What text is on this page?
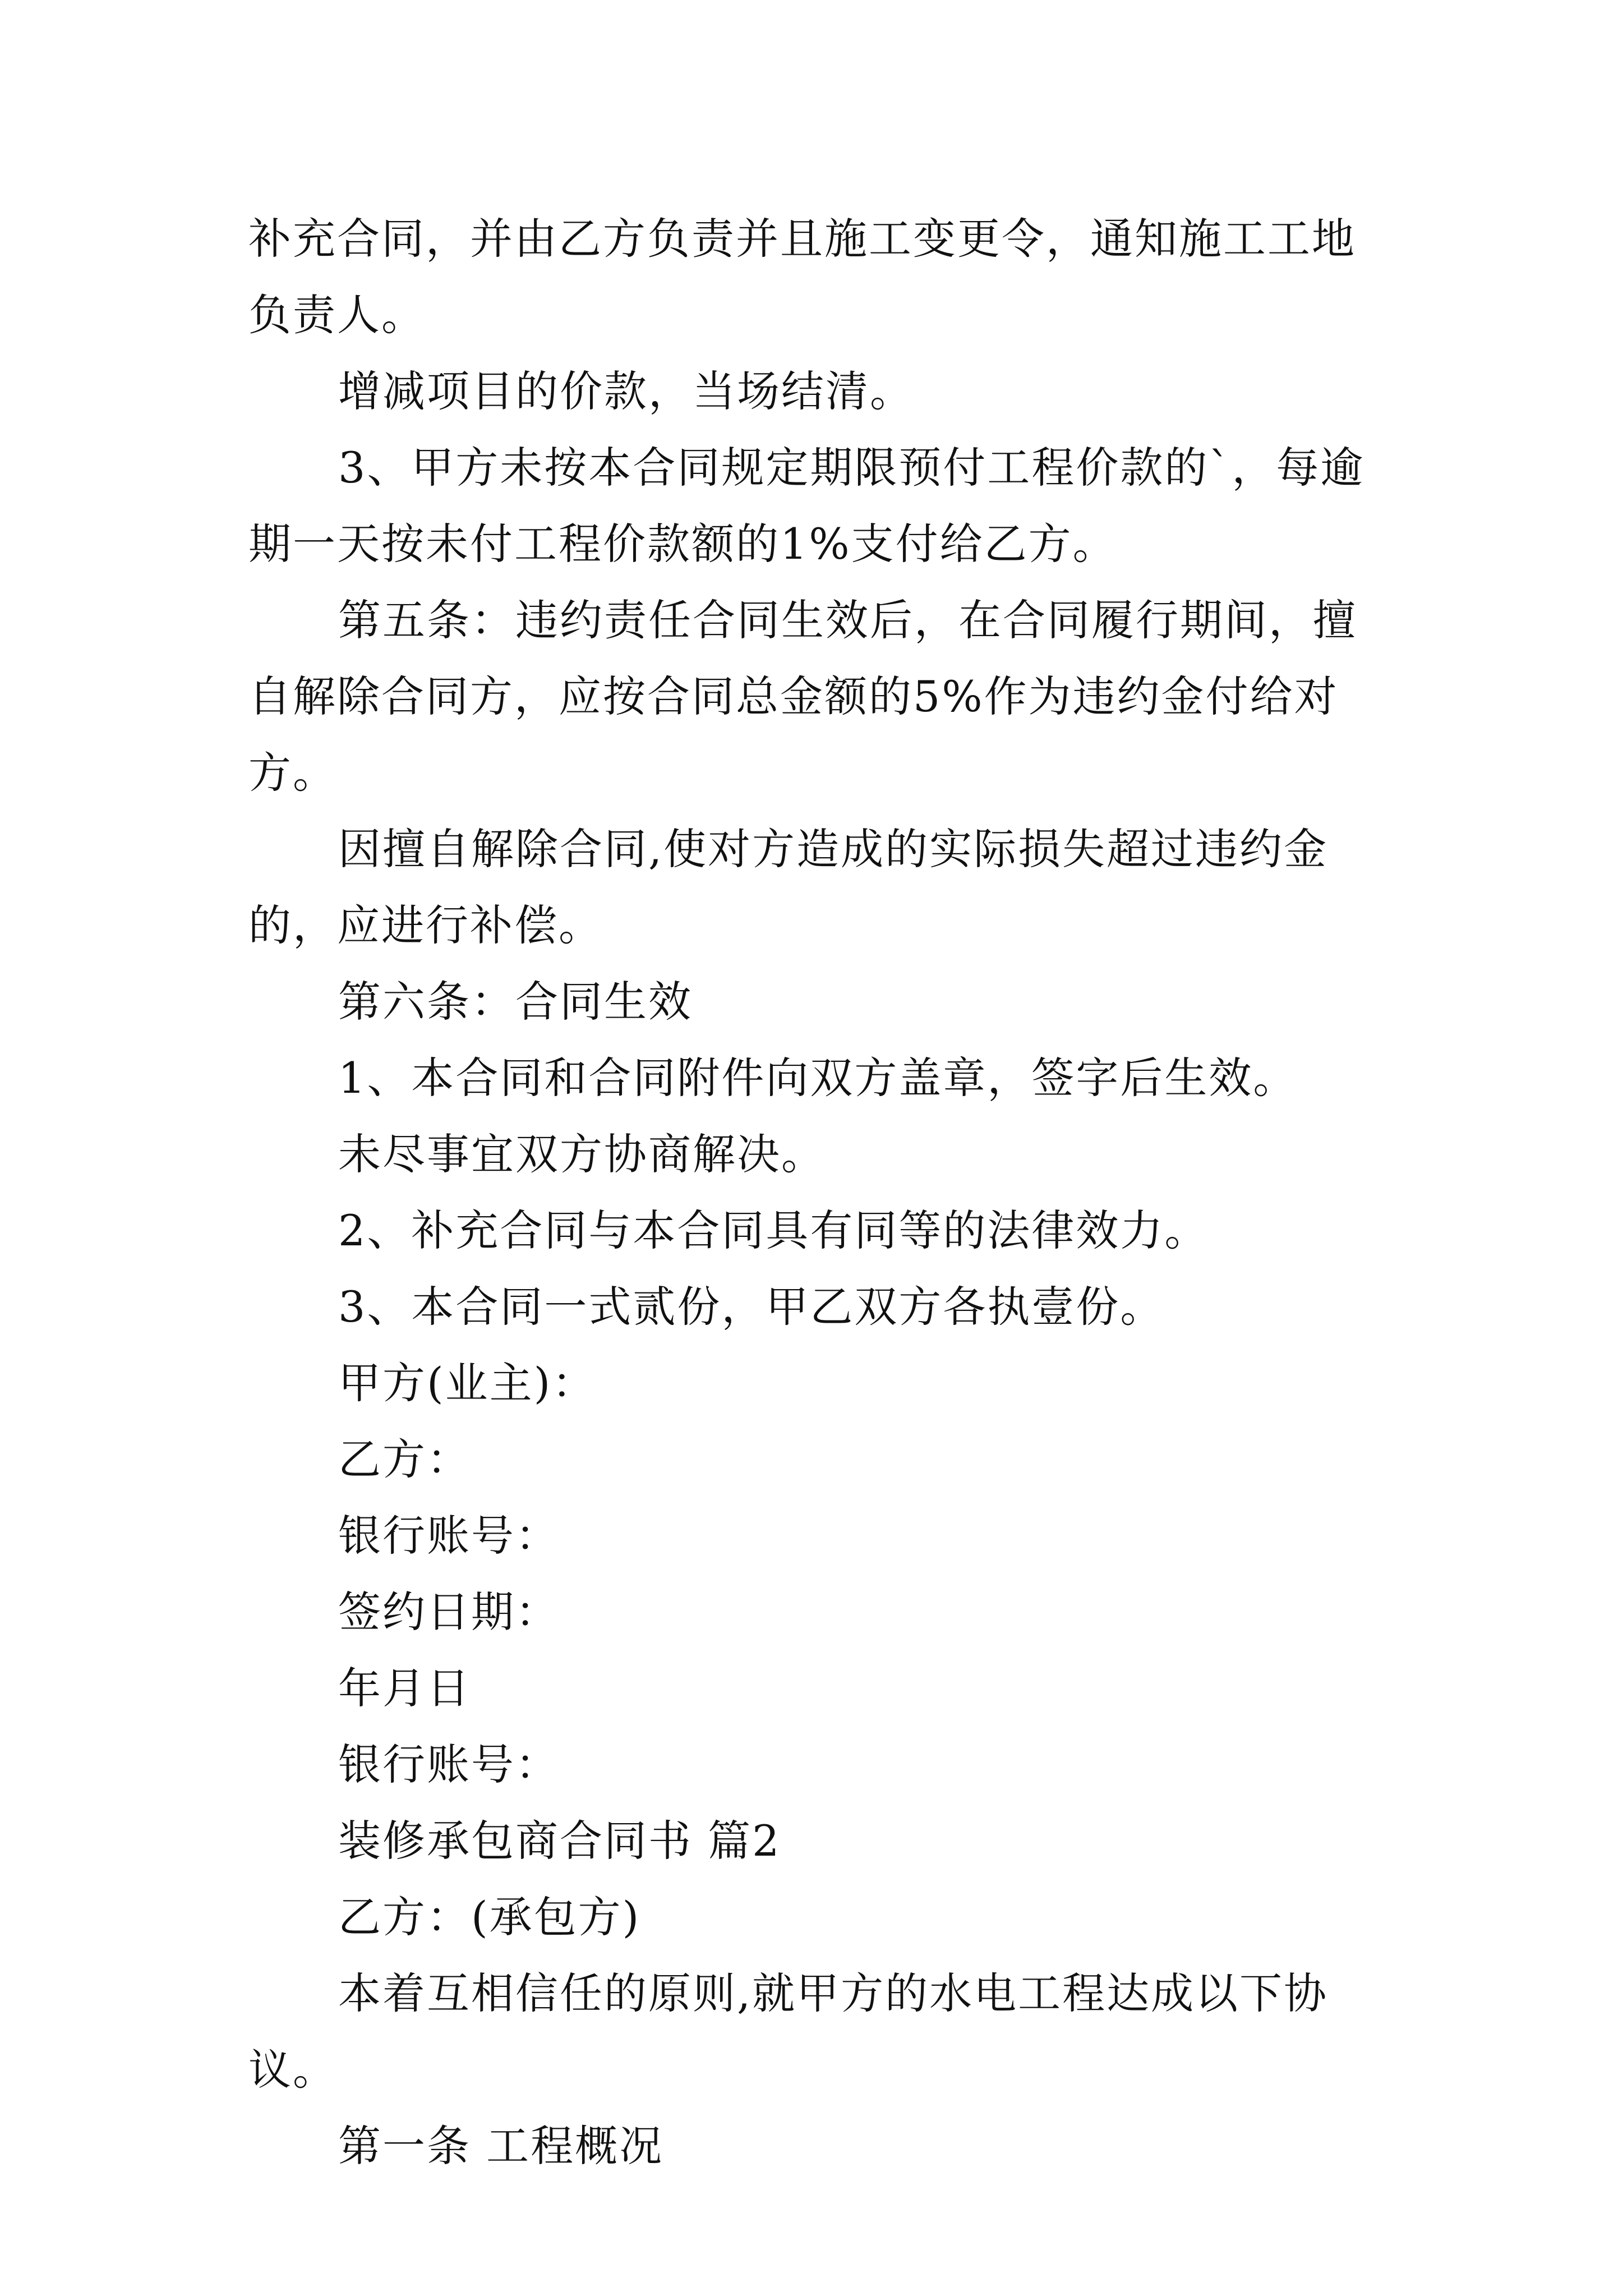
补充合同，并由乙方负责并且施工变更令，通知施工工地负责人。

增减项目的价款，当场结清。

3、甲方未按本合同规定期限预付工程价款的`，每逾期一天按未付工程价款额的1%支付给乙方。

第五条：违约责任合同生效后，在合同履行期间，擅自解除合同方，应按合同总金额的5%作为违约金付给对方。

因擅自解除合同,使对方造成的实际损失超过违约金的，应进行补偿。

第六条：合同生效

1、本合同和合同附件向双方盖章，签字后生效。

未尽事宜双方协商解决。

2、补充合同与本合同具有同等的法律效力。

3、本合同一式贰份，甲乙双方各执壹份。

甲方(业主)：

乙方：

银行账号：

签约日期：

年月日

银行账号：

装修承包商合同书 篇2

乙方：(承包方)

本着互相信任的原则,就甲方的水电工程达成以下协议。

第一条 工程概况
